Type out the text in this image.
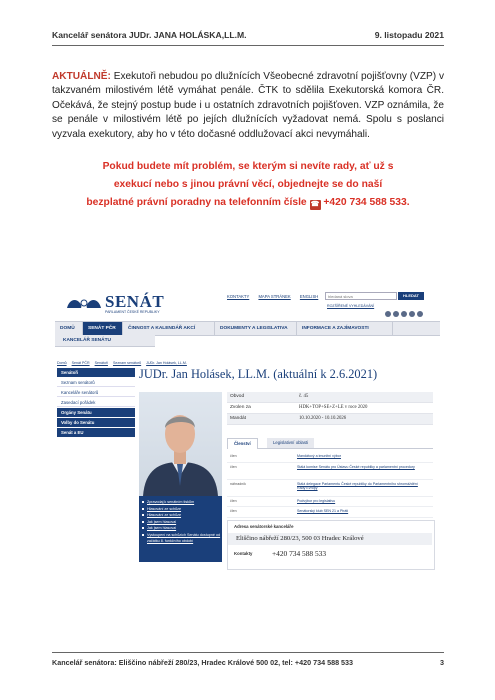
Kancelář senátora JUDr. JANA HOLÁSKA,LL.M.	9. listopadu 2021
AKTUÁLNĚ: Exekutoři nebudou po dlužnících Všeobecné zdravotní pojišťovny (VZP) v takzvaném milostivém létě vymáhat penále. ČTK to sdělila Exekutorská komora ČR. Očekává, že stejný postup bude i u ostatních zdravotních pojišťoven. VZP oznámila, že se penále v milostivém létě po jejích dlužnících vyžadovat nemá. Spolu s poslanci vyzvala exekutory, aby ho v této dočasné oddlužovací akci nevymáhali.
Pokud budete mít problém, se kterým si nevíte rady, ať už s
exekucí nebo s jinou právní věcí, objednejte se do naší
bezplatné právní poradny na telefonním čísle ☎ +420 734 588 533.
SENÁT
PARLAMENT ČESKÉ REPUBLIKY
KONTAKTY MAPA STRÁNEK ENGLISH	hledaná slova	HLEDAT
ROZŠÍŘENÉ VYHLEDÁVÁNÍ
DOMŮ	SENÁT PČR	ČINNOST A KALENDÁŘ AKCÍ	DOKUMENTY A LEGISLATIVA	INFORMACE A ZAJÍMAVOSTI
KANCELÁŘ SENÁTU
Domů Senát PČR Senátoři Seznam senátorů JUDr. Jan Holásek, LL.M.
Senátoři
Seznam senátorů
Kanceláře senátorů
Zasedací pořádek
Orgány Senátu
Volby do Senátu
Senát a EU
JUDr. Jan Holásek, LL.M. (aktuální k 2.6.2021)
Zpravodaj k senátním tiskům
Hlasování ze schůze
Hlasování ze schůze
Jak jsem hlasoval
Jak jsem hlasoval
Vystoupení na schůzích Senátu dostupné od začátku 8. funkčního období
Obvod	č. 45
Zvolen za	HDK+TOP+SE+Z+LE v roce 2020
Mandát	10.10.2020 - 10.10.2026
Členství	Legislativní oblasti
člen	Mandátový a imunitní výbor
člen	Stálá komise Senátu pro Ústavu České republiky a parlamentní procedury
náhradník	Stálá delegace Parlamentu České republiky do Parlamentního shromáždění Rady Evropy
člen	Podvýbor pro legislativu
člen	Senátorský klub SEN 21 a Piráti
Adresa senátorské kanceláře
Eliščino nábřeží 280/23, 500 03 Hradec Králové
Kontakty	+420 734 588 533
Kancelář senátora: Eliščino nábřeží 280/23, Hradec Králové 500 02, tel: +420 734 588 533	3
